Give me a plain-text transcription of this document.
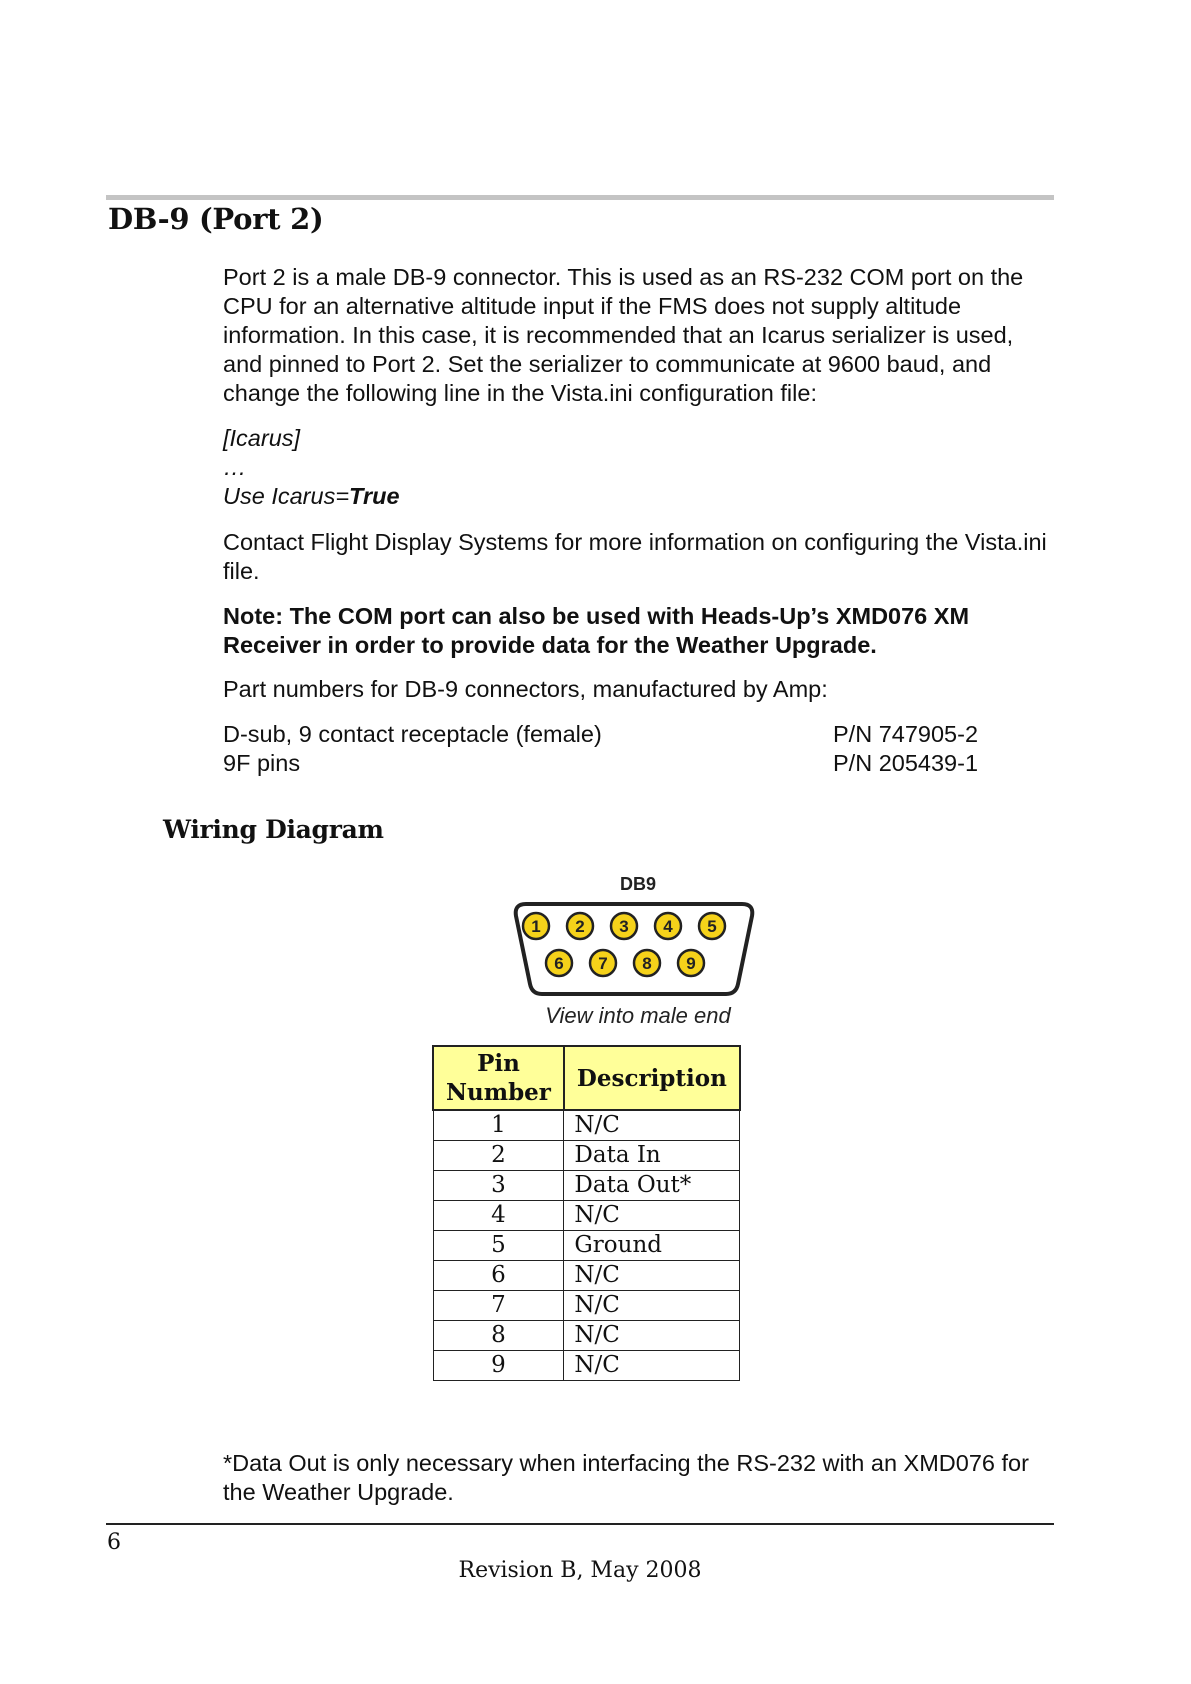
DB-9 (Port 2)

Port 2 is a male DB-9 connector. This is used as an RS-232 COM port on the CPU for an alternative altitude input if the FMS does not supply altitude information. In this case, it is recommended that an Icarus serializer is used, and pinned to Port 2. Set the serializer to communicate at 9600 baud, and change the following line in the Vista.ini configuration file:

[Icarus]
…
Use Icarus=True

Contact Flight Display Systems for more information on configuring the Vista.ini file.

Note: The COM port can also be used with Heads-Up’s XMD076 XM Receiver in order to provide data for the Weather Upgrade.

Part numbers for DB-9 connectors, manufactured by Amp:

D-sub, 9 contact receptacle (female)	P/N 747905-2
9F pins	P/N 205439-1
Wiring Diagram
DB9
1 2 3 4 5
6 7 8 9
View into male end
Pin
Number	Description
1	N/C
2	Data In
3	Data Out*
4	N/C
5	Ground
6	N/C
7	N/C
8	N/C
9	N/C

*Data Out is only necessary when interfacing the RS-232 with an XMD076 for the Weather Upgrade.

6
Revision B, May 2008
